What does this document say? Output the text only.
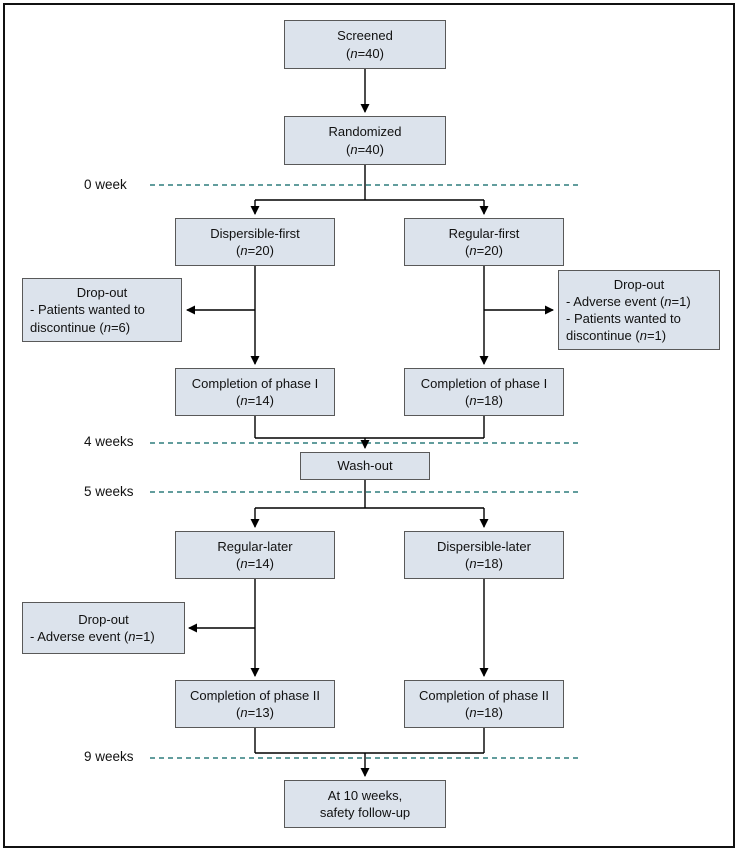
0 week
4 weeks
5 weeks
9 weeks
Screened
(n=40)
Randomized
(n=40)
Dispersible-first
(n=20)
Regular-first
(n=20)
Drop-out
- Patients wanted to discontinue (n=6)
Drop-out
- Adverse event (n=1)
- Patients wanted to discontinue (n=1)
Completion of phase I
(n=14)
Completion of phase I
(n=18)
Wash-out
Regular-later
(n=14)
Dispersible-later
(n=18)
Drop-out
- Adverse event (n=1)
Completion of phase II
(n=13)
Completion of phase II
(n=18)
At 10 weeks,
safety follow-up
